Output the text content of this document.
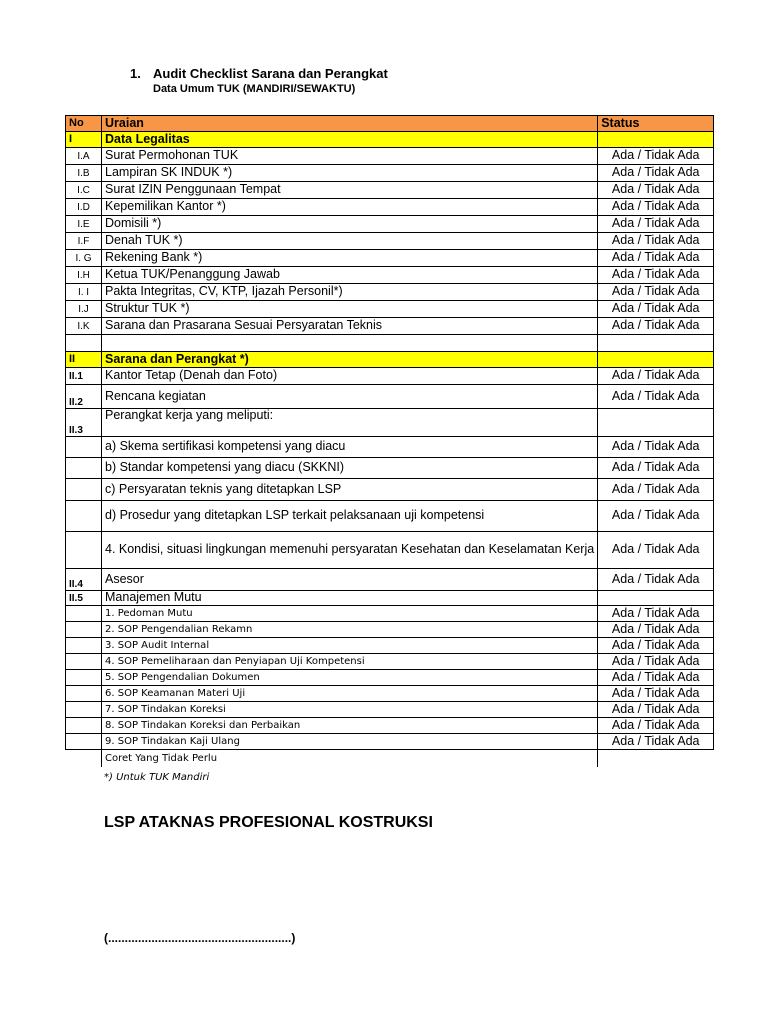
1. Audit Checklist Sarana dan Perangkat
Data Umum TUK (MANDIRI/SEWAKTU)
No	Uraian	Status
I	Data Legalitas	
I.A	Surat Permohonan TUK	Ada / Tidak Ada
I.B	Lampiran SK INDUK *)	Ada / Tidak Ada
I.C	Surat IZIN Penggunaan Tempat	Ada / Tidak Ada
I.D	Kepemilikan Kantor *)	Ada / Tidak Ada
I.E	Domisili *)	Ada / Tidak Ada
I.F	Denah TUK *)	Ada / Tidak Ada
I. G	Rekening Bank *)	Ada / Tidak Ada
I.H	Ketua TUK/Penanggung Jawab	Ada / Tidak Ada
I. I	Pakta Integritas, CV, KTP, Ijazah Personil*)	Ada / Tidak Ada
I.J	Struktur TUK *)	Ada / Tidak Ada
I.K	Sarana dan Prasarana Sesuai Persyaratan Teknis	Ada / Tidak Ada

II	Sarana dan Perangkat *)	
II.1	Kantor Tetap (Denah dan Foto)	Ada / Tidak Ada
II.2	Rencana kegiatan	Ada / Tidak Ada
II.3	Perangkat kerja yang meliputi:	
	a) Skema sertifikasi kompetensi yang diacu	Ada / Tidak Ada
	b) Standar kompetensi yang diacu (SKKNI)	Ada / Tidak Ada
	c) Persyaratan teknis yang ditetapkan LSP	Ada / Tidak Ada
	d) Prosedur yang ditetapkan LSP terkait pelaksanaan uji kompetensi	Ada / Tidak Ada
	4. Kondisi, situasi lingkungan memenuhi persyaratan Kesehatan dan Keselamatan Kerja	Ada / Tidak Ada
II.4	Asesor	Ada / Tidak Ada
II.5	Manajemen Mutu	
	1. Pedoman Mutu	Ada / Tidak Ada
	2. SOP Pengendalian Rekamn	Ada / Tidak Ada
	3. SOP Audit Internal	Ada / Tidak Ada
	4. SOP Pemeliharaan dan Penyiapan Uji Kompetensi	Ada / Tidak Ada
	5. SOP Pengendalian Dokumen	Ada / Tidak Ada
	6. SOP Keamanan Materi Uji	Ada / Tidak Ada
	7. SOP Tindakan Koreksi	Ada / Tidak Ada
	8. SOP Tindakan Koreksi dan Perbaikan	Ada / Tidak Ada
	9. SOP Tindakan Kaji Ulang	Ada / Tidak Ada
	Coret Yang Tidak Perlu	
*) Untuk TUK Mandiri
LSP ATAKNAS PROFESIONAL KOSTRUKSI
(.......................................................)
